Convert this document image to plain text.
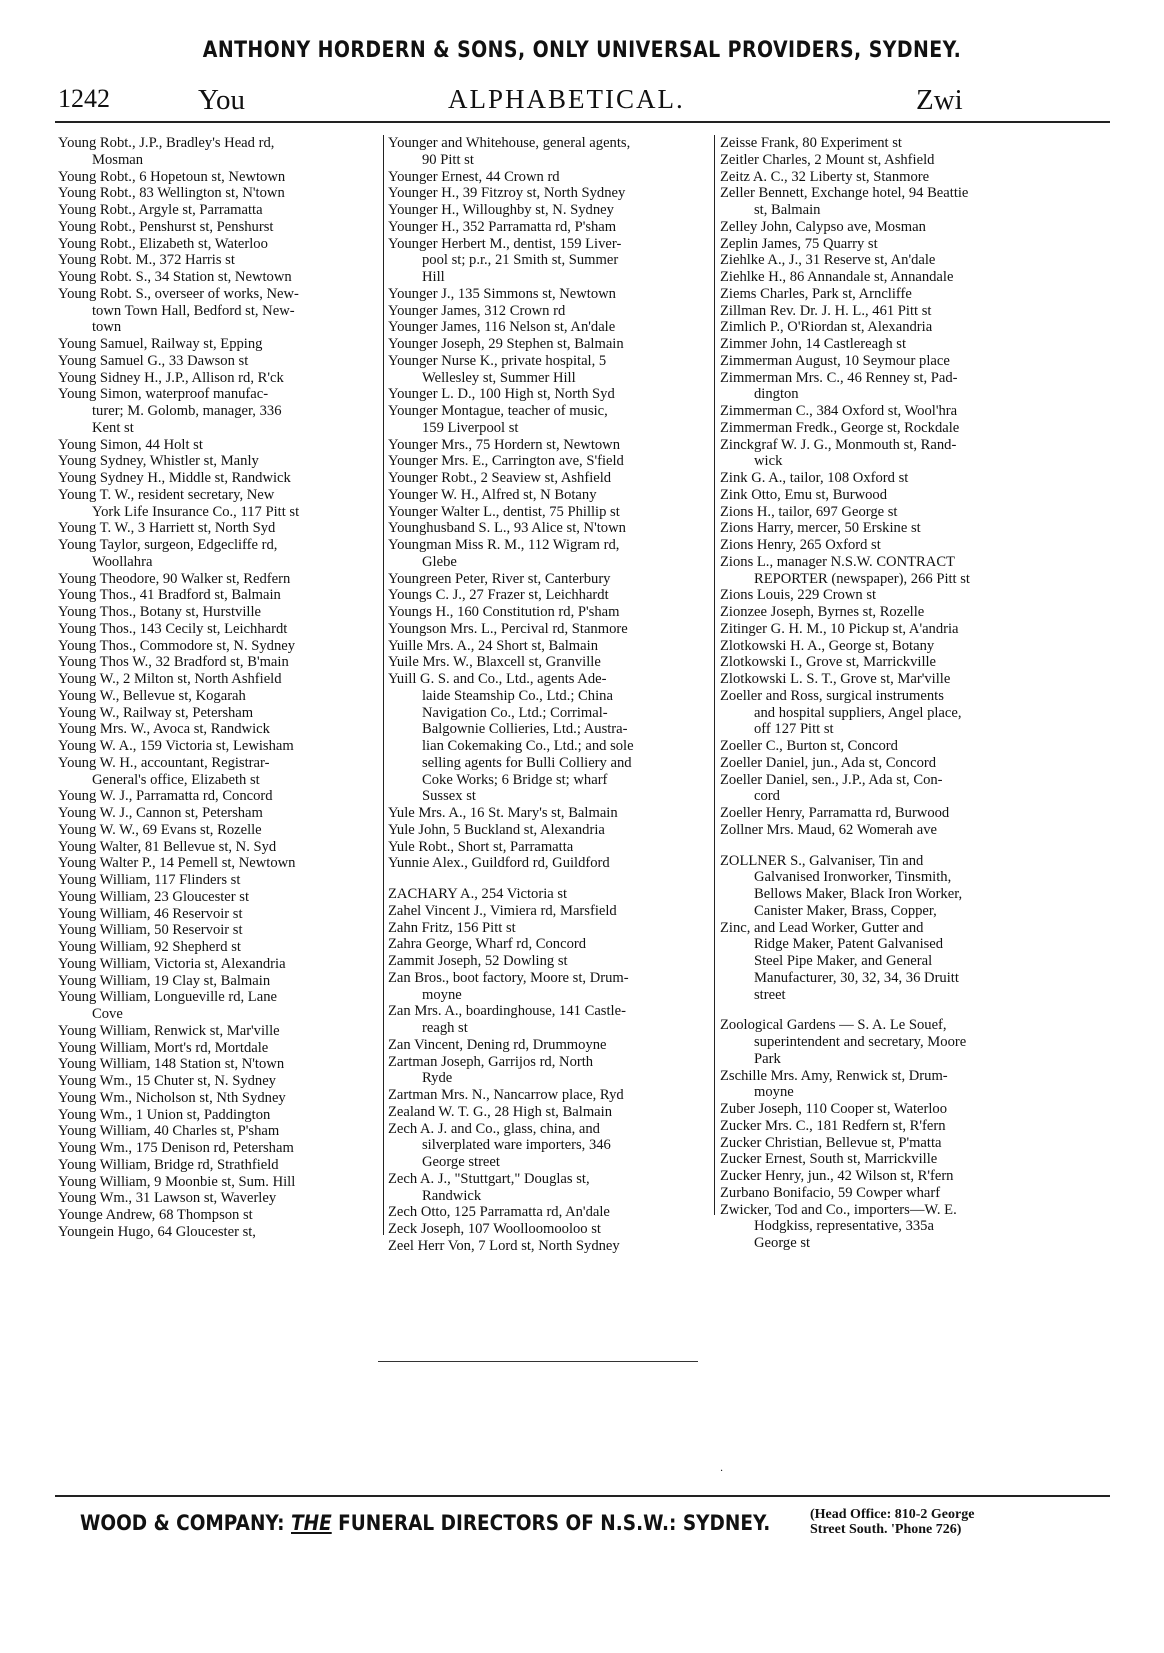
ANTHONY HORDERN & SONS, ONLY UNIVERSAL PROVIDERS, SYDNEY.
1242	You	ALPHABETICAL.	Zwi
Young Robt., J.P., Bradley's Head rd,
Mosman
Young Robt., 6 Hopetoun st, Newtown
Young Robt., 83 Wellington st, N'town
Young Robt., Argyle st, Parramatta
Young Robt., Penshurst st, Penshurst
Young Robt., Elizabeth st, Waterloo
Young Robt. M., 372 Harris st
Young Robt. S., 34 Station st, Newtown
Young Robt. S., overseer of works, New-
town Town Hall, Bedford st, New-
town
Young Samuel, Railway st, Epping
Young Samuel G., 33 Dawson st
Young Sidney H., J.P., Allison rd, R'ck
Young Simon, waterproof manufac-
turer; M. Golomb, manager, 336
Kent st
Young Simon, 44 Holt st
Young Sydney, Whistler st, Manly
Young Sydney H., Middle st, Randwick
Young T. W., resident secretary, New
York Life Insurance Co., 117 Pitt st
Young T. W., 3 Harriett st, North Syd
Young Taylor, surgeon, Edgecliffe rd,
Woollahra
Young Theodore, 90 Walker st, Redfern
Young Thos., 41 Bradford st, Balmain
Young Thos., Botany st, Hurstville
Young Thos., 143 Cecily st, Leichhardt
Young Thos., Commodore st, N. Sydney
Young Thos W., 32 Bradford st, B'main
Young W., 2 Milton st, North Ashfield
Young W., Bellevue st, Kogarah
Young W., Railway st, Petersham
Young Mrs. W., Avoca st, Randwick
Young W. A., 159 Victoria st, Lewisham
Young W. H., accountant, Registrar-
General's office, Elizabeth st
Young W. J., Parramatta rd, Concord
Young W. J., Cannon st, Petersham
Young W. W., 69 Evans st, Rozelle
Young Walter, 81 Bellevue st, N. Syd
Young Walter P., 14 Pemell st, Newtown
Young William, 117 Flinders st
Young William, 23 Gloucester st
Young William, 46 Reservoir st
Young William, 50 Reservoir st
Young William, 92 Shepherd st
Young William, Victoria st, Alexandria
Young William, 19 Clay st, Balmain
Young William, Longueville rd, Lane
Cove
Young William, Renwick st, Mar'ville
Young William, Mort's rd, Mortdale
Young William, 148 Station st, N'town
Young Wm., 15 Chuter st, N. Sydney
Young Wm., Nicholson st, Nth Sydney
Young Wm., 1 Union st, Paddington
Young William, 40 Charles st, P'sham
Young Wm., 175 Denison rd, Petersham
Young William, Bridge rd, Strathfield
Young William, 9 Moonbie st, Sum. Hill
Young Wm., 31 Lawson st, Waverley
Younge Andrew, 68 Thompson st
Youngein Hugo, 64 Gloucester st,
Younger and Whitehouse, general agents,
90 Pitt st
Younger Ernest, 44 Crown rd
Younger H., 39 Fitzroy st, North Sydney
Younger H., Willoughby st, N. Sydney
Younger H., 352 Parramatta rd, P'sham
Younger Herbert M., dentist, 159 Liver-
pool st; p.r., 21 Smith st, Summer
Hill
Younger J., 135 Simmons st, Newtown
Younger James, 312 Crown rd
Younger James, 116 Nelson st, An'dale
Younger Joseph, 29 Stephen st, Balmain
Younger Nurse K., private hospital, 5
Wellesley st, Summer Hill
Younger L. D., 100 High st, North Syd
Younger Montague, teacher of music,
159 Liverpool st
Younger Mrs., 75 Hordern st, Newtown
Younger Mrs. E., Carrington ave, S'field
Younger Robt., 2 Seaview st, Ashfield
Younger W. H., Alfred st, N Botany
Younger Walter L., dentist, 75 Phillip st
Younghusband S. L., 93 Alice st, N'town
Youngman Miss R. M., 112 Wigram rd,
Glebe
Youngreen Peter, River st, Canterbury
Youngs C. J., 27 Frazer st, Leichhardt
Youngs H., 160 Constitution rd, P'sham
Youngson Mrs. L., Percival rd, Stanmore
Yuille Mrs. A., 24 Short st, Balmain
Yuile Mrs. W., Blaxcell st, Granville
Yuill G. S. and Co., Ltd., agents Ade-
laide Steamship Co., Ltd.; China
Navigation Co., Ltd.; Corrimal-
Balgownie Collieries, Ltd.; Austra-
lian Cokemaking Co., Ltd.; and sole
selling agents for Bulli Colliery and
Coke Works; 6 Bridge st; wharf
Sussex st
Yule Mrs. A., 16 St. Mary's st, Balmain
Yule John, 5 Buckland st, Alexandria
Yule Robt., Short st, Parramatta
Yunnie Alex., Guildford rd, Guildford
ZACHARY A., 254 Victoria st
Zahel Vincent J., Vimiera rd, Marsfield
Zahn Fritz, 156 Pitt st
Zahra George, Wharf rd, Concord
Zammit Joseph, 52 Dowling st
Zan Bros., boot factory, Moore st, Drum-
moyne
Zan Mrs. A., boardinghouse, 141 Castle-
reagh st
Zan Vincent, Dening rd, Drummoyne
Zartman Joseph, Garrijos rd, North
Ryde
Zartman Mrs. N., Nancarrow place, Ryd
Zealand W. T. G., 28 High st, Balmain
Zech A. J. and Co., glass, china, and
silverplated ware importers, 346
George street
Zech A. J., "Stuttgart," Douglas st,
Randwick
Zech Otto, 125 Parramatta rd, An'dale
Zeck Joseph, 107 Woolloomooloo st
Zeel Herr Von, 7 Lord st, North Sydney
Zeisse Frank, 80 Experiment st
Zeitler Charles, 2 Mount st, Ashfield
Zeitz A. C., 32 Liberty st, Stanmore
Zeller Bennett, Exchange hotel, 94 Beattie
st, Balmain
Zelley John, Calypso ave, Mosman
Zeplin James, 75 Quarry st
Ziehlke A., J., 31 Reserve st, An'dale
Ziehlke H., 86 Annandale st, Annandale
Ziems Charles, Park st, Arncliffe
Zillman Rev. Dr. J. H. L., 461 Pitt st
Zimlich P., O'Riordan st, Alexandria
Zimmer John, 14 Castlereagh st
Zimmerman August, 10 Seymour place
Zimmerman Mrs. C., 46 Renney st, Pad-
dington
Zimmerman C., 384 Oxford st, Wool'hra
Zimmerman Fredk., George st, Rockdale
Zinckgraf W. J. G., Monmouth st, Rand-
wick
Zink G. A., tailor, 108 Oxford st
Zink Otto, Emu st, Burwood
Zions H., tailor, 697 George st
Zions Harry, mercer, 50 Erskine st
Zions Henry, 265 Oxford st
Zions L., manager N.S.W. CONTRACT
REPORTER (newspaper), 266 Pitt st
Zions Louis, 229 Crown st
Zionzee Joseph, Byrnes st, Rozelle
Zitinger G. H. M., 10 Pickup st, A'andria
Zlotkowski H. A., George st, Botany
Zlotkowski I., Grove st, Marrickville
Zlotkowski L. S. T., Grove st, Mar'ville
Zoeller and Ross, surgical instruments
and hospital suppliers, Angel place,
off 127 Pitt st
Zoeller C., Burton st, Concord
Zoeller Daniel, jun., Ada st, Concord
Zoeller Daniel, sen., J.P., Ada st, Con-
cord
Zoeller Henry, Parramatta rd, Burwood
Zollner Mrs. Maud, 62 Womerah ave
ZOLLNER S., Galvaniser, Tin and
Galvanised Ironworker, Tinsmith,
Bellows Maker, Black Iron Worker,
Canister Maker, Brass, Copper,
Zinc, and Lead Worker, Gutter and
Ridge Maker, Patent Galvanised
Steel Pipe Maker, and General
Manufacturer, 30, 32, 34, 36 Druitt
street
Zoological Gardens — S. A. Le Souef,
superintendent and secretary, Moore
Park
Zschille Mrs. Amy, Renwick st, Drum-
moyne
Zuber Joseph, 110 Cooper st, Waterloo
Zucker Mrs. C., 181 Redfern st, R'fern
Zucker Christian, Bellevue st, P'matta
Zucker Ernest, South st, Marrickville
Zucker Henry, jun., 42 Wilson st, R'fern
Zurbano Bonifacio, 59 Cowper wharf
Zwicker, Tod and Co., importers—W. E.
Hodgkiss, representative, 335a
George st
·
WOOD & COMPANY: THE FUNERAL DIRECTORS OF N.S.W.: SYDNEY.	(Head Office: 810-2 George
Street South. 'Phone 726)
